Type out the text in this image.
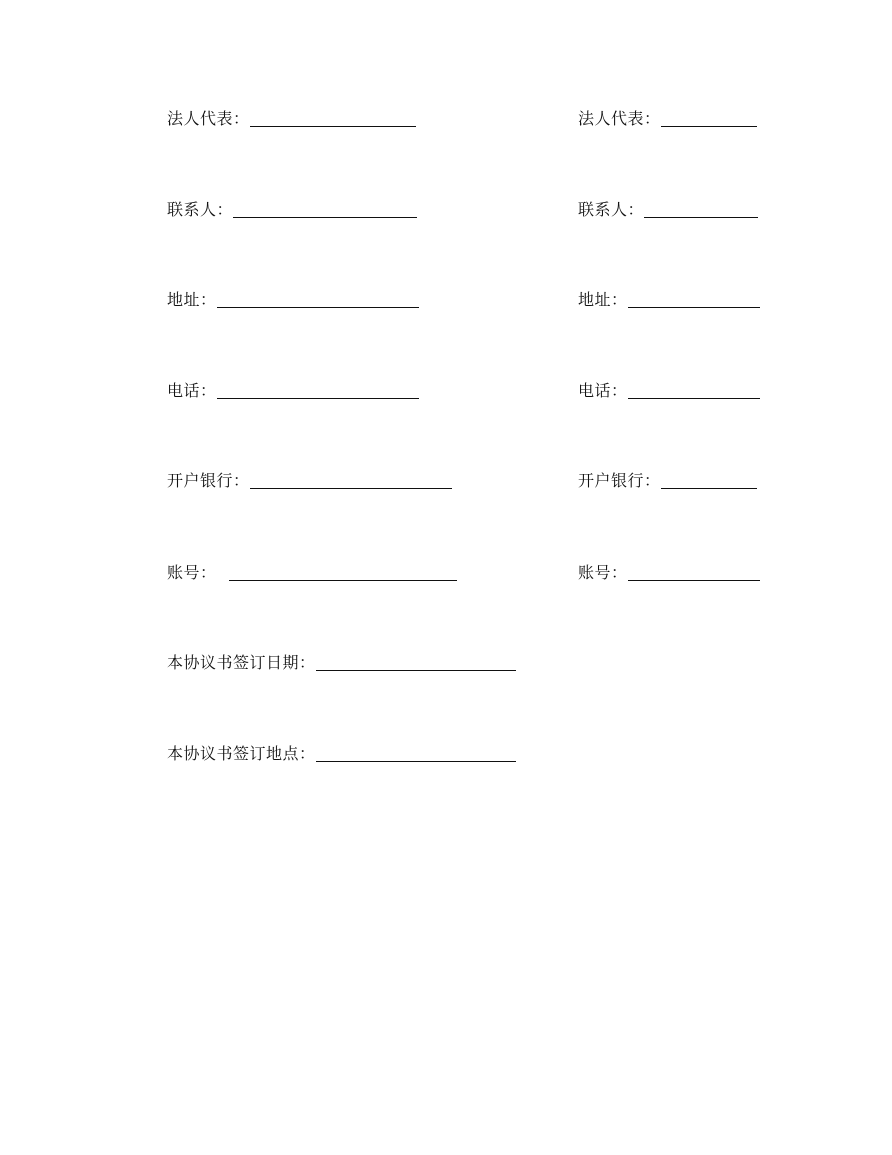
法人代表：
联系人：
地址：
电话：
开户银行：
账号：
法人代表：
联系人：
地址：
电话：
开户银行：
账号：
本协议书签订日期：
本协议书签订地点：
